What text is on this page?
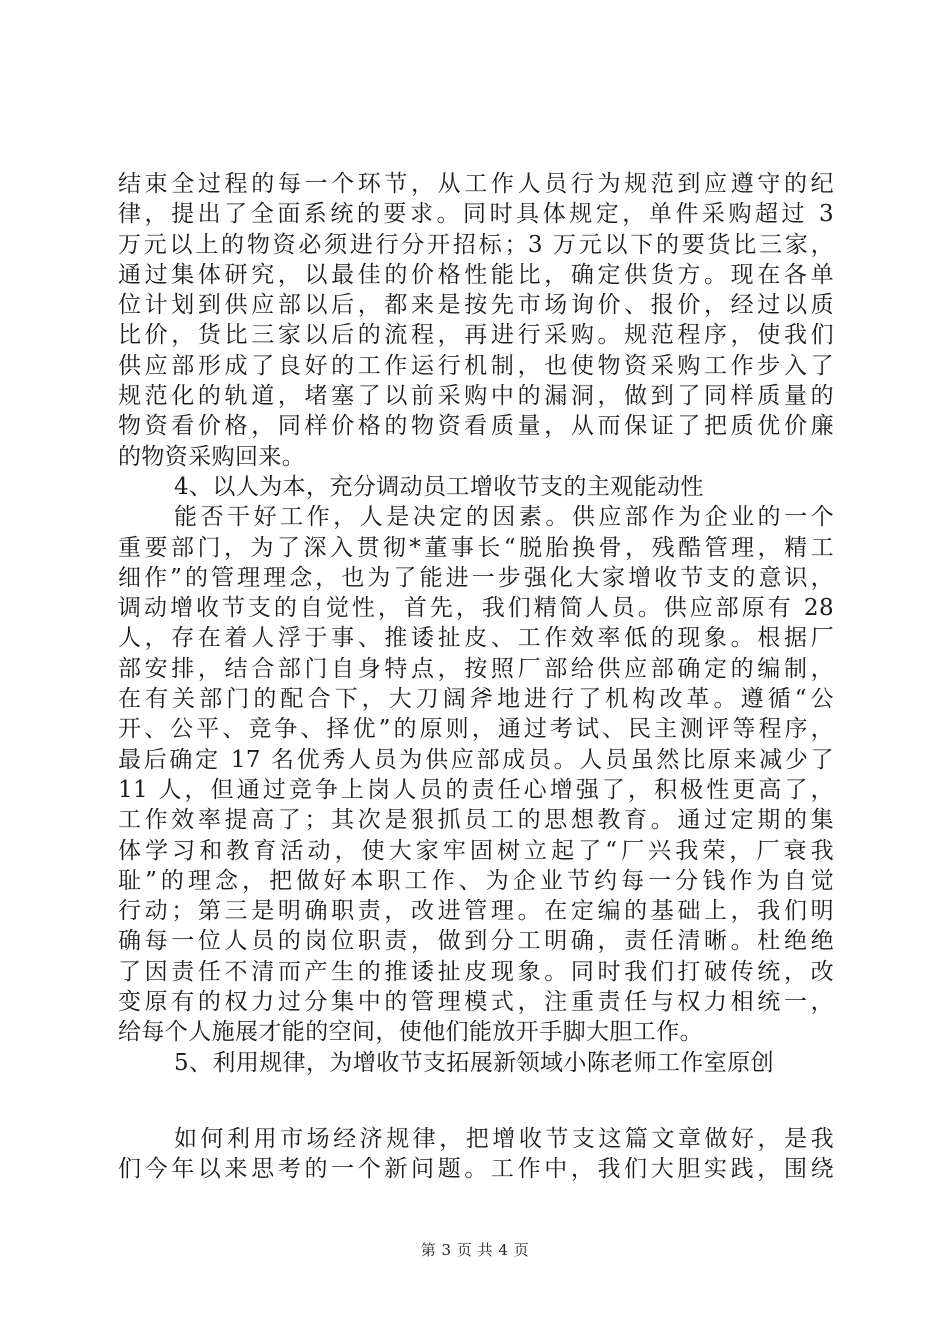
结束全过程的每一个环节，从工作人员行为规范到应遵守的纪
律，提出了全面系统的要求。同时具体规定，单件采购超过 3
万元以上的物资必须进行分开招标；3 万元以下的要货比三家，
通过集体研究，以最佳的价格性能比，确定供货方。现在各单
位计划到供应部以后，都来是按先市场询价、报价，经过以质
比价，货比三家以后的流程，再进行采购。规范程序，使我们
供应部形成了良好的工作运行机制，也使物资采购工作步入了
规范化的轨道，堵塞了以前采购中的漏洞，做到了同样质量的
物资看价格，同样价格的物资看质量，从而保证了把质优价廉
的物资采购回来。
4、以人为本，充分调动员工增收节支的主观能动性
能否干好工作，人是决定的因素。供应部作为企业的一个
重要部门，为了深入贯彻*董事长“脱胎换骨，残酷管理，精工
细作”的管理理念，也为了能进一步强化大家增收节支的意识，
调动增收节支的自觉性，首先，我们精简人员。供应部原有 28
人，存在着人浮于事、推诿扯皮、工作效率低的现象。根据厂
部安排，结合部门自身特点，按照厂部给供应部确定的编制，
在有关部门的配合下，大刀阔斧地进行了机构改革。遵循“公
开、公平、竞争、择优”的原则，通过考试、民主测评等程序，
最后确定 17 名优秀人员为供应部成员。人员虽然比原来减少了
11 人，但通过竞争上岗人员的责任心增强了，积极性更高了，
工作效率提高了；其次是狠抓员工的思想教育。通过定期的集
体学习和教育活动，使大家牢固树立起了“厂兴我荣，厂衰我
耻”的理念，把做好本职工作、为企业节约每一分钱作为自觉
行动；第三是明确职责，改进管理。在定编的基础上，我们明
确每一位人员的岗位职责，做到分工明确，责任清晰。杜绝绝
了因责任不清而产生的推诿扯皮现象。同时我们打破传统，改
变原有的权力过分集中的管理模式，注重责任与权力相统一，
给每个人施展才能的空间，使他们能放开手脚大胆工作。
5、利用规律，为增收节支拓展新领域小陈老师工作室原创
如何利用市场经济规律，把增收节支这篇文章做好，是我
们今年以来思考的一个新问题。工作中，我们大胆实践，围绕
第 3 页 共 4 页
